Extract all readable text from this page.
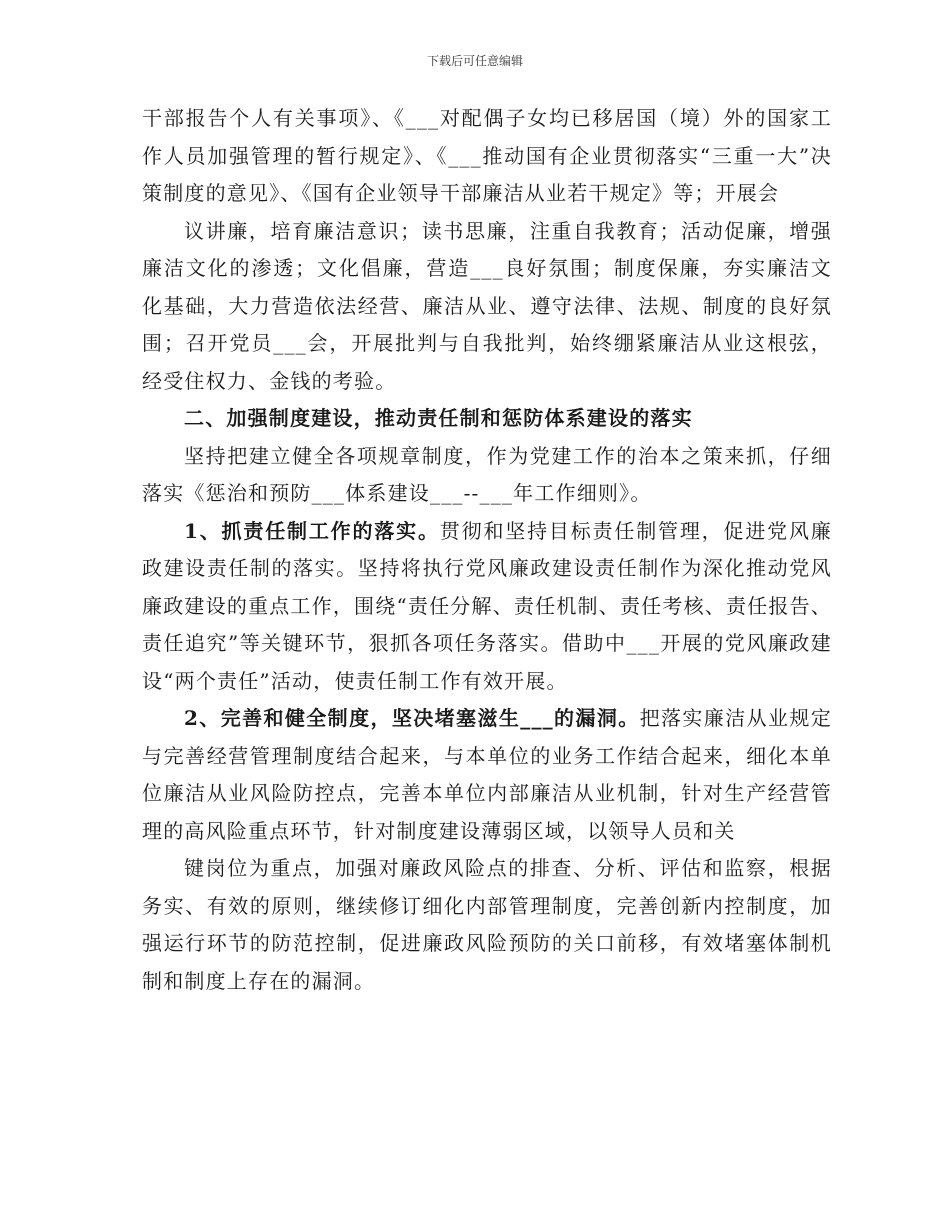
下载后可任意编辑

干部报告个人有关事项》、《___对配偶子女均已移居国（境）外的国家工作人员加强管理的暂行规定》、《___推动国有企业贯彻落实“三重一大”决策制度的意见》、《国有企业领导干部廉洁从业若干规定》等；开展会

议讲廉，培育廉洁意识；读书思廉，注重自我教育；活动促廉，增强廉洁文化的渗透；文化倡廉，营造___良好氛围；制度保廉，夯实廉洁文化基础，大力营造依法经营、廉洁从业、遵守法律、法规、制度的良好氛围；召开党员___会，开展批判与自我批判，始终绷紧廉洁从业这根弦，经受住权力、金钱的考验。

二、加强制度建设，推动责任制和惩防体系建设的落实

坚持把建立健全各项规章制度，作为党建工作的治本之策来抓，仔细落实《惩治和预防___体系建设___--___年工作细则》。

1、抓责任制工作的落实。贯彻和坚持目标责任制管理，促进党风廉政建设责任制的落实。坚持将执行党风廉政建设责任制作为深化推动党风廉政建设的重点工作，围绕“责任分解、责任机制、责任考核、责任报告、责任追究”等关键环节，狠抓各项任务落实。借助中___开展的党风廉政建设“两个责任”活动，使责任制工作有效开展。

2、完善和健全制度，坚决堵塞滋生___的漏洞。把落实廉洁从业规定与完善经营管理制度结合起来，与本单位的业务工作结合起来，细化本单位廉洁从业风险防控点，完善本单位内部廉洁从业机制，针对生产经营管理的高风险重点环节，针对制度建设薄弱区域，以领导人员和关

键岗位为重点，加强对廉政风险点的排查、分析、评估和监察，根据务实、有效的原则，继续修订细化内部管理制度，完善创新内控制度，加强运行环节的防范控制，促进廉政风险预防的关口前移，有效堵塞体制机制和制度上存在的漏洞。
